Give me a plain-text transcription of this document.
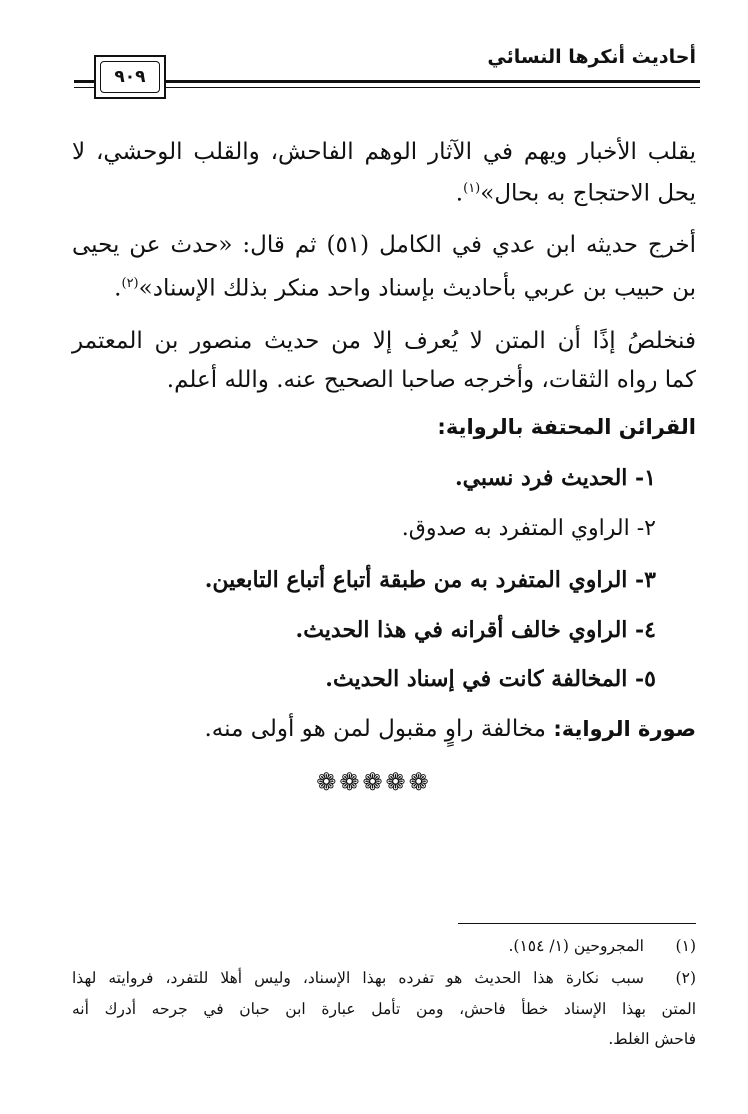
أحاديث أنكرها النسائي
٩٠٩
يقلب الأخبار ويهم في الآثار الوهم الفاحش، والقلب الوحشي، لا
يحل الاحتجاج به بحال»$^{(١)}$.
أخرج حديثه ابن عدي في الكامل (٥١) ثم قال: «حدث عن يحيى
بن حبيب بن عربي بأحاديث بإسناد واحد منكر بذلك الإسناد»$^{(٢)}$.
فنخلصُ إذًا أن المتن لا يُعرف إلا من حديث منصور بن المعتمر
كما رواه الثقات، وأخرجه صاحبا الصحيح عنه. والله أعلم.
القرائن المحتفة بالرواية:
١- الحديث فرد نسبي.
٢- الراوي المتفرد به صدوق.
٣- الراوي المتفرد به من طبقة أتباع أتباع التابعين.
٤- الراوي خالف أقرانه في هذا الحديث.
٥- المخالفة كانت في إسناد الحديث.
صورة الرواية: مخالفة راوٍ مقبول لمن هو أولى منه.
❁❁❁❁❁
(١)
المجروحين (١/ ١٥٤).
(٢)
سبب نكارة هذا الحديث هو تفرده بهذا الإسناد، وليس أهلا للتفرد، فروايته لهذا
المتن بهذا الإسناد خطأ فاحش، ومن تأمل عبارة ابن حبان في جرحه أدرك أنه
فاحش الغلط.
